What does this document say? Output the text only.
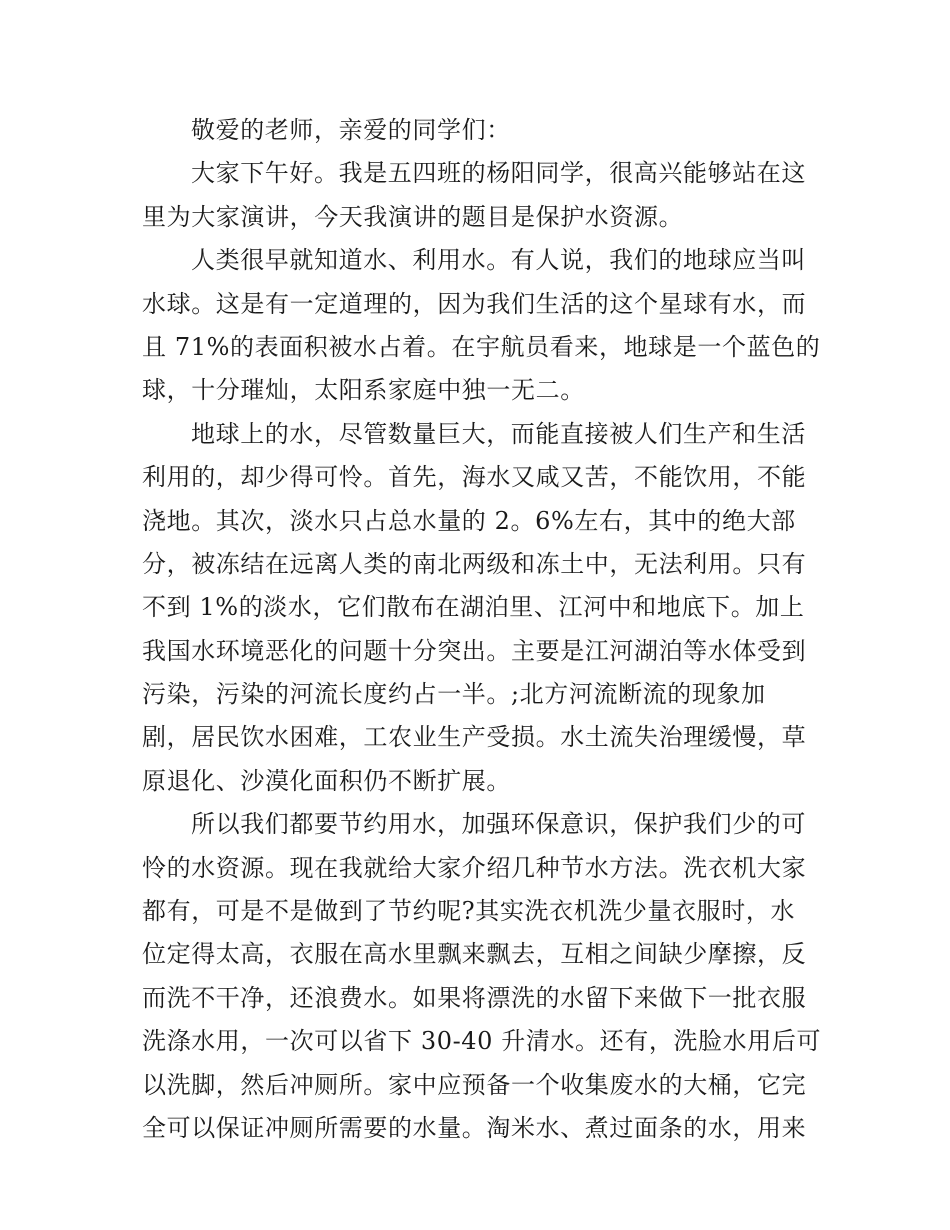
敬爱的老师，亲爱的同学们：
大家下午好。我是五四班的杨阳同学，很高兴能够站在这
里为大家演讲，今天我演讲的题目是保护水资源。
人类很早就知道水、利用水。有人说，我们的地球应当叫
水球。这是有一定道理的，因为我们生活的这个星球有水，而
且 71%的表面积被水占着。在宇航员看来，地球是一个蓝色的
球，十分璀灿，太阳系家庭中独一无二。
地球上的水，尽管数量巨大，而能直接被人们生产和生活
利用的，却少得可怜。首先，海水又咸又苦，不能饮用，不能
浇地。其次，淡水只占总水量的 2。6%左右，其中的绝大部
分，被冻结在远离人类的南北两级和冻土中，无法利用。只有
不到 1%的淡水，它们散布在湖泊里、江河中和地底下。加上
我国水环境恶化的问题十分突出。主要是江河湖泊等水体受到
污染，污染的河流长度约占一半。;北方河流断流的现象加
剧，居民饮水困难，工农业生产受损。水土流失治理缓慢，草
原退化、沙漠化面积仍不断扩展。
所以我们都要节约用水，加强环保意识，保护我们少的可
怜的水资源。现在我就给大家介绍几种节水方法。洗衣机大家
都有，可是不是做到了节约呢?其实洗衣机洗少量衣服时，水
位定得太高，衣服在高水里飘来飘去，互相之间缺少摩擦，反
而洗不干净，还浪费水。如果将漂洗的水留下来做下一批衣服
洗涤水用，一次可以省下 30-40 升清水。还有，洗脸水用后可
以洗脚，然后冲厕所。家中应预备一个收集废水的大桶，它完
全可以保证冲厕所需要的水量。淘米水、煮过面条的水，用来
